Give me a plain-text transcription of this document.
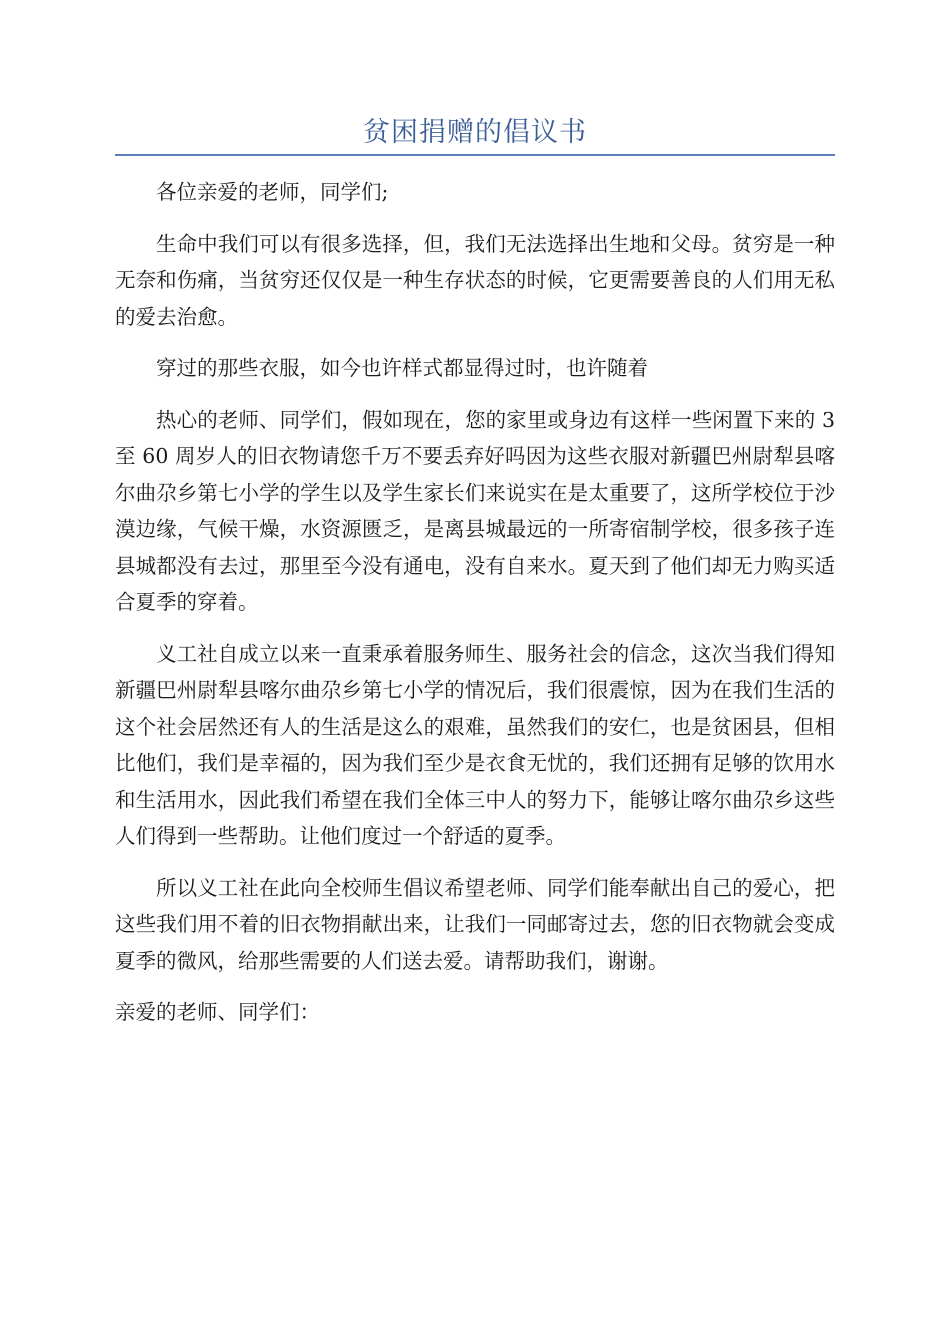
贫困捐赠的倡议书

各位亲爱的老师，同学们;

生命中我们可以有很多选择，但，我们无法选择出生地和父母。贫穷是一种无奈和伤痛，当贫穷还仅仅是一种生存状态的时候，它更需要善良的人们用无私的爱去治愈。

穿过的那些衣服，如今也许样式都显得过时，也许随着

热心的老师、同学们，假如现在，您的家里或身边有这样一些闲置下来的 3 至 60 周岁人的旧衣物请您千万不要丢弃好吗因为这些衣服对新疆巴州尉犁县喀尔曲尕乡第七小学的学生以及学生家长们来说实在是太重要了，这所学校位于沙漠边缘，气候干燥，水资源匮乏，是离县城最远的一所寄宿制学校，很多孩子连县城都没有去过，那里至今没有通电，没有自来水。夏天到了他们却无力购买适合夏季的穿着。

义工社自成立以来一直秉承着服务师生、服务社会的信念，这次当我们得知新疆巴州尉犁县喀尔曲尕乡第七小学的情况后，我们很震惊，因为在我们生活的这个社会居然还有人的生活是这么的艰难，虽然我们的安仁，也是贫困县，但相比他们，我们是幸福的，因为我们至少是衣食无忧的，我们还拥有足够的饮用水和生活用水，因此我们希望在我们全体三中人的努力下，能够让喀尔曲尕乡这些人们得到一些帮助。让他们度过一个舒适的夏季。

所以义工社在此向全校师生倡议希望老师、同学们能奉献出自己的爱心，把这些我们用不着的旧衣物捐献出来，让我们一同邮寄过去，您的旧衣物就会变成夏季的微风，给那些需要的人们送去爱。请帮助我们，谢谢。

亲爱的老师、同学们：
